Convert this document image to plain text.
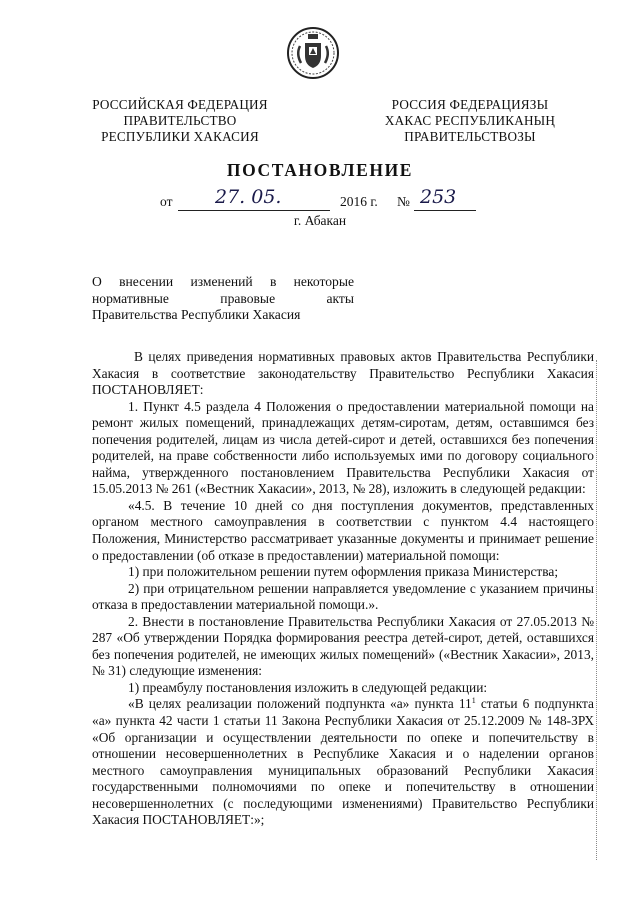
РОССИЙСКАЯ ФЕДЕРАЦИЯ
ПРАВИТЕЛЬСТВО
РЕСПУБЛИКИ ХАКАСИЯ
РОССИЯ ФЕДЕРАЦИЯЗЫ
ХАКАС РЕСПУБЛИКАНЫҢ
ПРАВИТЕЛЬСТВОЗЫ
ПОСТАНОВЛЕНИЕ
от 27. 05.	2016 г. № 253
г. Абакан
О внесении изменений в некоторые
нормативные правовые акты
Правительства Республики Хакасия

В целях приведения нормативных правовых актов Правительства Республики Хакасия в соответствие законодательству Правительство Республики Хакасия ПОСТАНОВЛЯЕТ:

1. Пункт 4.5 раздела 4 Положения о предоставлении материальной помощи на ремонт жилых помещений, принадлежащих детям-сиротам, детям, оставшимся без попечения родителей, лицам из числа детей-сирот и детей, оставшихся без попечения родителей, на праве собственности либо используемых ими по договору социального найма, утвержденного постановлением Правительства Республики Хакасия от 15.05.2013 № 261 («Вестник Хакасии», 2013, № 28), изложить в следующей редакции:

«4.5. В течение 10 дней со дня поступления документов, представленных органом местного самоуправления в соответствии с пунктом 4.4 настоящего Положения, Министерство рассматривает указанные документы и принимает решение о предоставлении (об отказе в предоставлении) материальной помощи:

1) при положительном решении путем оформления приказа Министерства;

2) при отрицательном решении направляется уведомление с указанием причины отказа в предоставлении материальной помощи.».

2. Внести в постановление Правительства Республики Хакасия от 27.05.2013 № 287 «Об утверждении Порядка формирования реестра детей-сирот, детей, оставшихся без попечения родителей, не имеющих жилых помещений» («Вестник Хакасии», 2013, № 31) следующие изменения:

1) преамбулу постановления изложить в следующей редакции:

«В целях реализации положений подпункта «а» пункта $11^1$ статьи 6 подпункта «а» пункта 42 части 1 статьи 11 Закона Республики Хакасия от 25.12.2009 № 148-ЗРХ «Об организации и осуществлении деятельности по опеке и попечительству в отношении несовершеннолетних в Республике Хакасия и о наделении органов местного самоуправления муниципальных образований Республики Хакасия государственными полномочиями по опеке и попечительству в отношении несовершеннолетних (с последующими изменениями) Правительство Республики Хакасия ПОСТАНОВЛЯЕТ:»;
